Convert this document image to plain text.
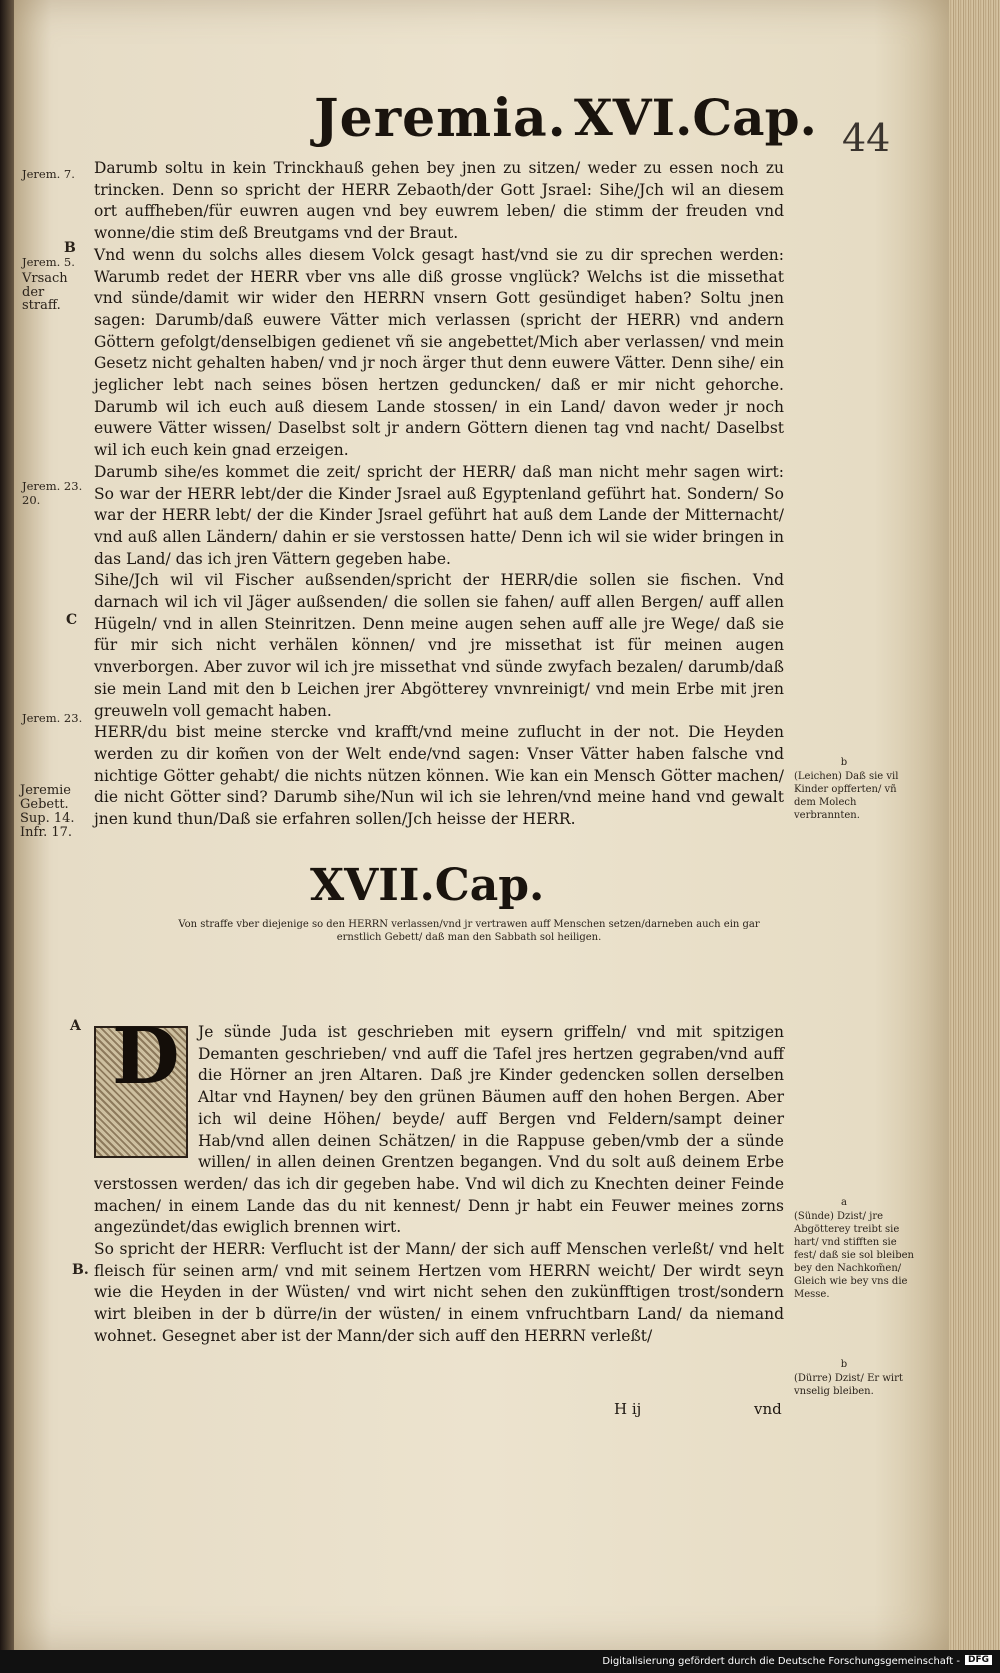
Jeremia. XVI.Cap. 44
Jerem. 7.
B
Jerem. 5.
Vrsach der straff.
Jerem. 23. 20.
C
Jerem. 23.
Jeremie Gebett. Sup. 14. Infr. 17.
A
B.

Darumb soltu in kein Trinckhauß gehen bey jnen zu sitzen/ weder zu essen noch zu trincken. Denn so spricht der HERR Zebaoth/der Gott Jsrael: Sihe/Jch wil an diesem ort auffheben/für euwren augen vnd bey euwrem leben/ die stimm der freuden vnd wonne/die stim deß Breutgams vnd der Braut.

Vnd wenn du solchs alles diesem Volck gesagt hast/vnd sie zu dir sprechen werden: Warumb redet der HERR vber vns alle diß grosse vnglück? Welchs ist die missethat vnd sünde/damit wir wider den HERRN vnsern Gott gesündiget haben? Soltu jnen sagen: Darumb/daß euwere Vätter mich verlassen (spricht der HERR) vnd andern Göttern gefolgt/denselbigen gedienet vñ sie angebettet/Mich aber verlassen/ vnd mein Gesetz nicht gehalten haben/ vnd jr noch ärger thut denn euwere Vätter. Denn sihe/ ein jeglicher lebt nach seines bösen hertzen geduncken/ daß er mir nicht gehorche. Darumb wil ich euch auß diesem Lande stossen/ in ein Land/ davon weder jr noch euwere Vätter wissen/ Daselbst solt jr andern Göttern dienen tag vnd nacht/ Daselbst wil ich euch kein gnad erzeigen.

Darumb sihe/es kommet die zeit/ spricht der HERR/ daß man nicht mehr sagen wirt: So war der HERR lebt/der die Kinder Jsrael auß Egyptenland geführt hat. Sondern/ So war der HERR lebt/ der die Kinder Jsrael geführt hat auß dem Lande der Mitternacht/ vnd auß allen Ländern/ dahin er sie verstossen hatte/ Denn ich wil sie wider bringen in das Land/ das ich jren Vättern gegeben habe.

Sihe/Jch wil vil Fischer außsenden/spricht der HERR/die sollen sie fischen. Vnd darnach wil ich vil Jäger außsenden/ die sollen sie fahen/ auff allen Bergen/ auff allen Hügeln/ vnd in allen Steinritzen. Denn meine augen sehen auff alle jre Wege/ daß sie für mir sich nicht verhälen können/ vnd jre missethat ist für meinen augen vnverborgen. Aber zuvor wil ich jre missethat vnd sünde zwyfach bezalen/ darumb/daß sie mein Land mit den b Leichen jrer Abgötterey vnvnreinigt/ vnd mein Erbe mit jren greuweln voll gemacht haben.

HERR/du bist meine stercke vnd krafft/vnd meine zuflucht in der not. Die Heyden werden zu dir kom̃en von der Welt ende/vnd sagen: Vnser Vätter haben falsche vnd nichtige Götter gehabt/ die nichts nützen können. Wie kan ein Mensch Götter machen/ die nicht Götter sind? Darumb sihe/Nun wil ich sie lehren/vnd meine hand vnd gewalt jnen kund thun/Daß sie erfahren sollen/Jch heisse der HERR.

XVII.Cap.
Von straffe vber diejenige so den HERRN verlassen/vnd jr vertrawen auff Menschen setzen/darneben auch ein gar ernstlich Gebett/ daß man den Sabbath sol heiligen.
D	Je sünde Juda ist geschrieben mit eysern griffeln/ vnd mit spitzigen Demanten geschrieben/ vnd auff die Tafel jres hertzen gegraben/vnd auff die Hörner an jren Altaren. Daß jre Kinder gedencken sollen derselben Altar vnd Haynen/ bey den grünen Bäumen auff den hohen Bergen. Aber ich wil deine Höhen/ beyde/ auff Bergen vnd Feldern/sampt deiner Hab/vnd allen deinen Schätzen/ in die Rappuse geben/vmb der a sünde willen/ in allen deinen Grentzen begangen. Vnd du solt auß deinem Erbe verstossen werden/ das ich dir gegeben habe. Vnd wil dich zu Knechten deiner Feinde machen/ in einem Lande das du nit kennest/ Denn jr habt ein Feuwer meines zorns angezündet/das ewiglich brennen wirt.

So spricht der HERR: Verflucht ist der Mann/ der sich auff Menschen verleßt/ vnd helt fleisch für seinen arm/ vnd mit seinem Hertzen vom HERRN weicht/ Der wirdt seyn wie die Heyden in der Wüsten/ vnd wirt nicht sehen den zukünfftigen trost/sondern wirt bleiben in der b dürre/in der wüsten/ in einem vnfruchtbarn Land/ da niemand wohnet. Gesegnet aber ist der Mann/der sich auff den HERRN verleßt/

b
(Leichen) Daß sie vil Kinder opfferten/ vñ dem Molech verbrannten.
a
(Sünde) Dzist/ jre Abgötterey treibt sie hart/ vnd stifften sie fest/ daß sie sol bleiben bey den Nachkom̃en/ Gleich wie bey vns die Messe.
b
(Dürre) Dzist/ Er wirt vnselig bleiben.
H ij	vnd
Digitalisierung gefördert durch die Deutsche Forschungsgemeinschaft - DFG
